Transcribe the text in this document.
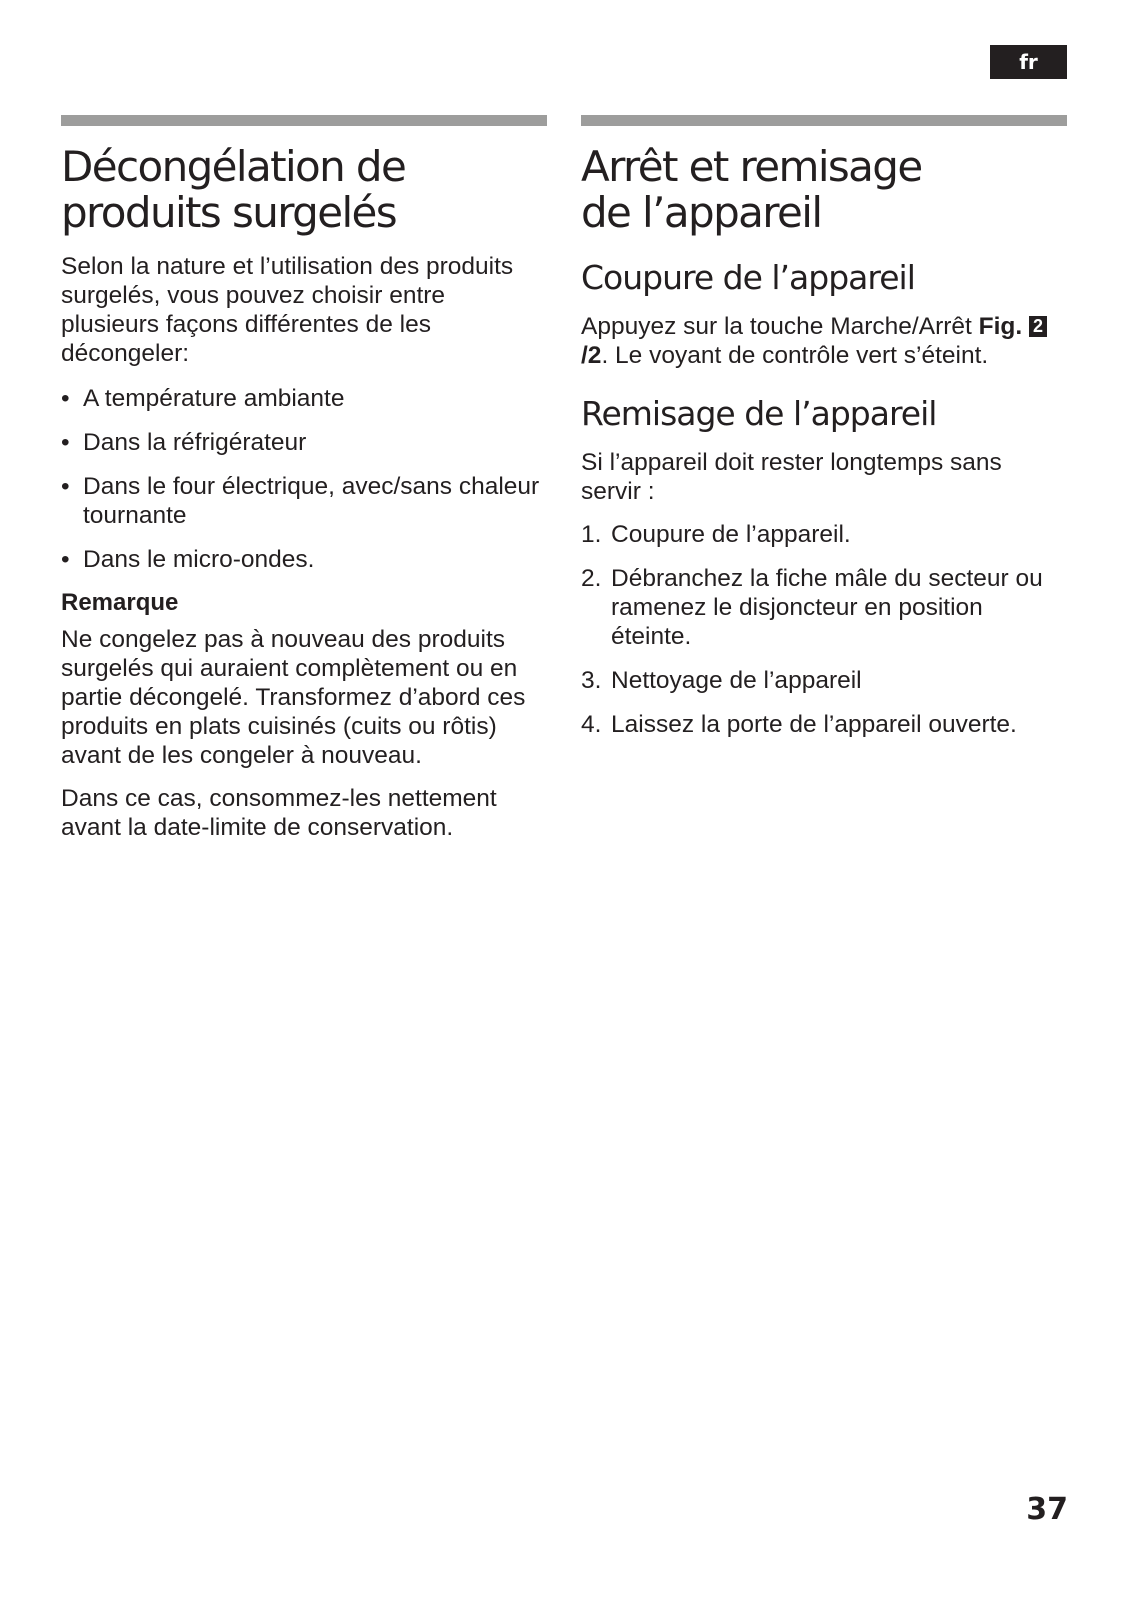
fr
Décongélation de
produits surgelés

Selon la nature et l’utilisation des produits surgelés, vous pouvez choisir entre plusieurs façons différentes de les décongeler:

• A température ambiante
• Dans la réfrigérateur
• Dans le four électrique, avec/sans chaleur tournante
• Dans le micro-ondes.
Remarque

Ne congelez pas à nouveau des produits surgelés qui auraient complètement ou en partie décongelé. Transformez d’abord ces produits en plats cuisinés (cuits ou rôtis) avant de les congeler à nouveau.

Dans ce cas, consommez-les nettement avant la date-limite de conservation.

Arrêt et remisage
de l’appareil
Coupure de l’appareil

Appuyez sur la touche Marche/Arrêt Fig. 2/2. Le voyant de contrôle vert s’éteint.

Remisage de l’appareil

Si l’appareil doit rester longtemps sans servir :

1. Coupure de l’appareil.
2. Débranchez la fiche mâle du secteur ou ramenez le disjoncteur en position éteinte.
3. Nettoyage de l’appareil
4. Laissez la porte de l’appareil ouverte.
37
